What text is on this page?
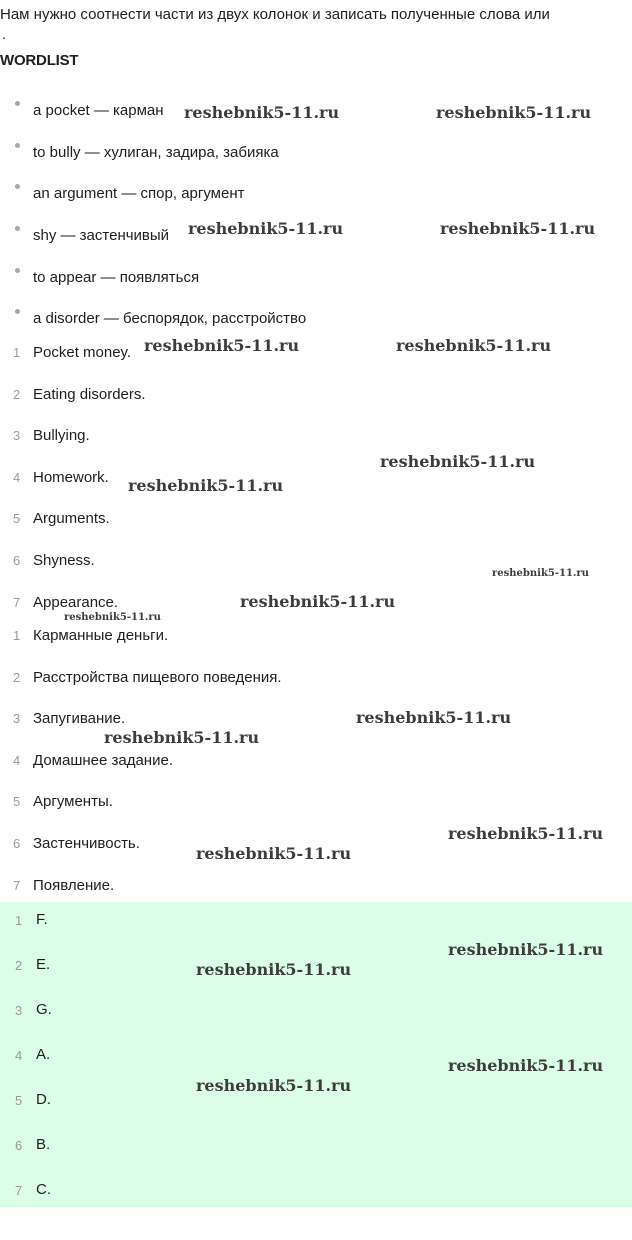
Нам нужно соотнести части из двух колонок и записать полученные слова или
.
WORDLIST
a pocket — карман
to bully — хулиган, задира, забияка
an argument — спор, аргумент
shy — застенчивый
to appear — появляться
a disorder — беспорядок, расстройство
1 Pocket money.
2 Eating disorders.
3 Bullying.
4 Homework.
5 Arguments.
6 Shyness.
7 Appearance.
1 Карманные деньги.
2 Расстройства пищевого поведения.
3 Запугивание.
4 Домашнее задание.
5 Аргументы.
6 Застенчивость.
7 Появление.
1 F.
2 E.
3 G.
4 A.
5 D.
6 B.
7 C.
reshebnik5-11.ru	reshebnik5-11.ru
reshebnik5-11.ru	reshebnik5-11.ru
reshebnik5-11.ru	reshebnik5-11.ru
reshebnik5-11.ru
reshebnik5-11.ru
reshebnik5-11.ru
reshebnik5-11.ru
reshebnik5-11.ru
reshebnik5-11.ru
reshebnik5-11.ru
reshebnik5-11.ru
reshebnik5-11.ru
reshebnik5-11.ru
reshebnik5-11.ru
reshebnik5-11.ru
reshebnik5-11.ru
